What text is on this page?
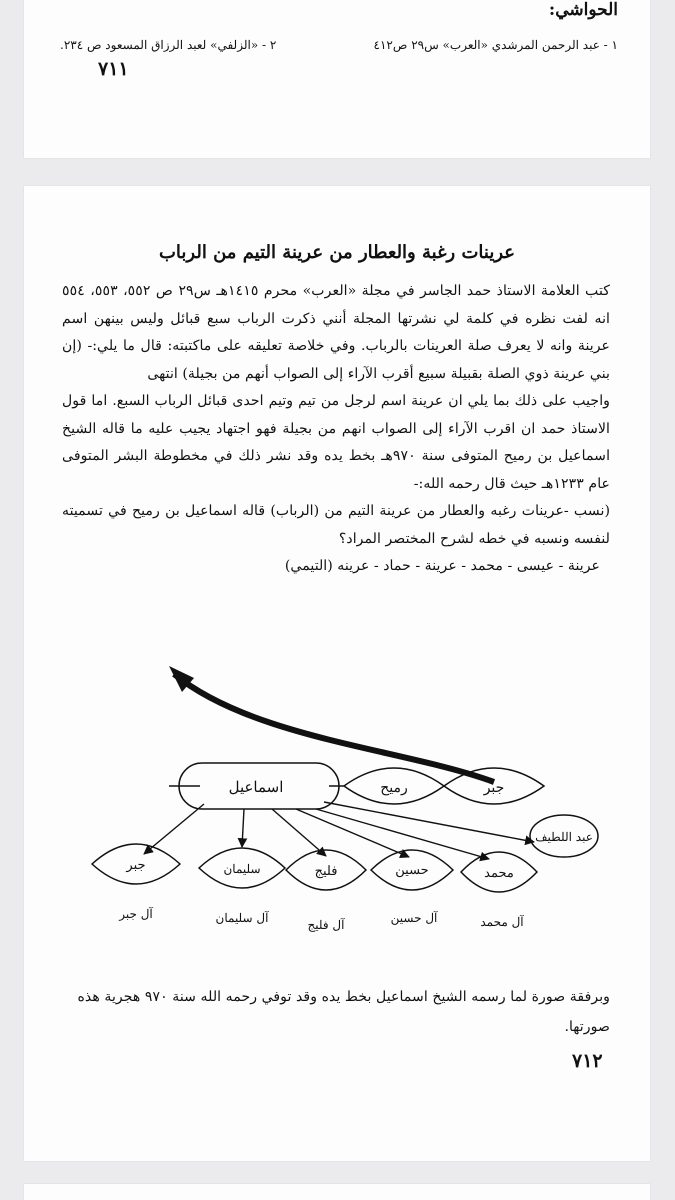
الحواشي:
١ - عبد الرحمن المرشدي «العرب» س٢٩ ص٤١٢
٢ - «الزلفي» لعبد الرزاق المسعود ص ٢٣٤.
٧١١
عرينات رغبة والعطار من عرينة التيم من الرباب

كتب العلامة الاستاذ حمد الجاسر في مجلة «العرب» محرم ١٤١٥هـ س٢٩ ص ٥٥٢، ٥٥٣، ٥٥٤ انه لفت نظره في كلمة لي نشرتها المجلة أنني ذكرت الرباب سبع قبائل وليس بينهن اسم عرينة وانه لا يعرف صلة العرينات بالرباب. وفي خلاصة تعليقه على ماكتبته: قال ما يلي:- (إن بني عرينة ذوي الصلة بقبيلة سبيع أقرب الآراء إلى الصواب أنهم من بجيلة) انتهى

واجيب على ذلك بما يلي ان عرينة اسم لرجل من تيم وتيم احدى قبائل الرباب السبع. اما قول الاستاذ حمد ان اقرب الآراء إلى الصواب انهم من بجيلة فهو اجتهاد يجيب عليه ما قاله الشيخ اسماعيل بن رميح المتوفى سنة ٩٧٠هـ بخط يده وقد نشر ذلك في مخطوطة البشر المتوفى عام ١٢٣٣هـ حيث قال رحمه الله:-

(نسب -عرينات رغبه والعطار من عرينة التيم من (الرباب) قاله اسماعيل بن رميح في تسميته لنفسه ونسبه في خطه لشرح المختصر المراد؟

عرينة - عيسى - محمد - عرينة - حماد - عرينه (التيمي)

جبر
رميح
اسماعيل
عبد اللطيف
محمد
حسين
فليج
سليمان
جبر
آل محمد
آل حسين
آل فليج
آل سليمان
آل جبر
وبرفقة صورة لما رسمه الشيخ اسماعيل بخط يده وقد توفي رحمه الله سنة ٩٧٠ هجرية هذه صورتها.
٧١٢
